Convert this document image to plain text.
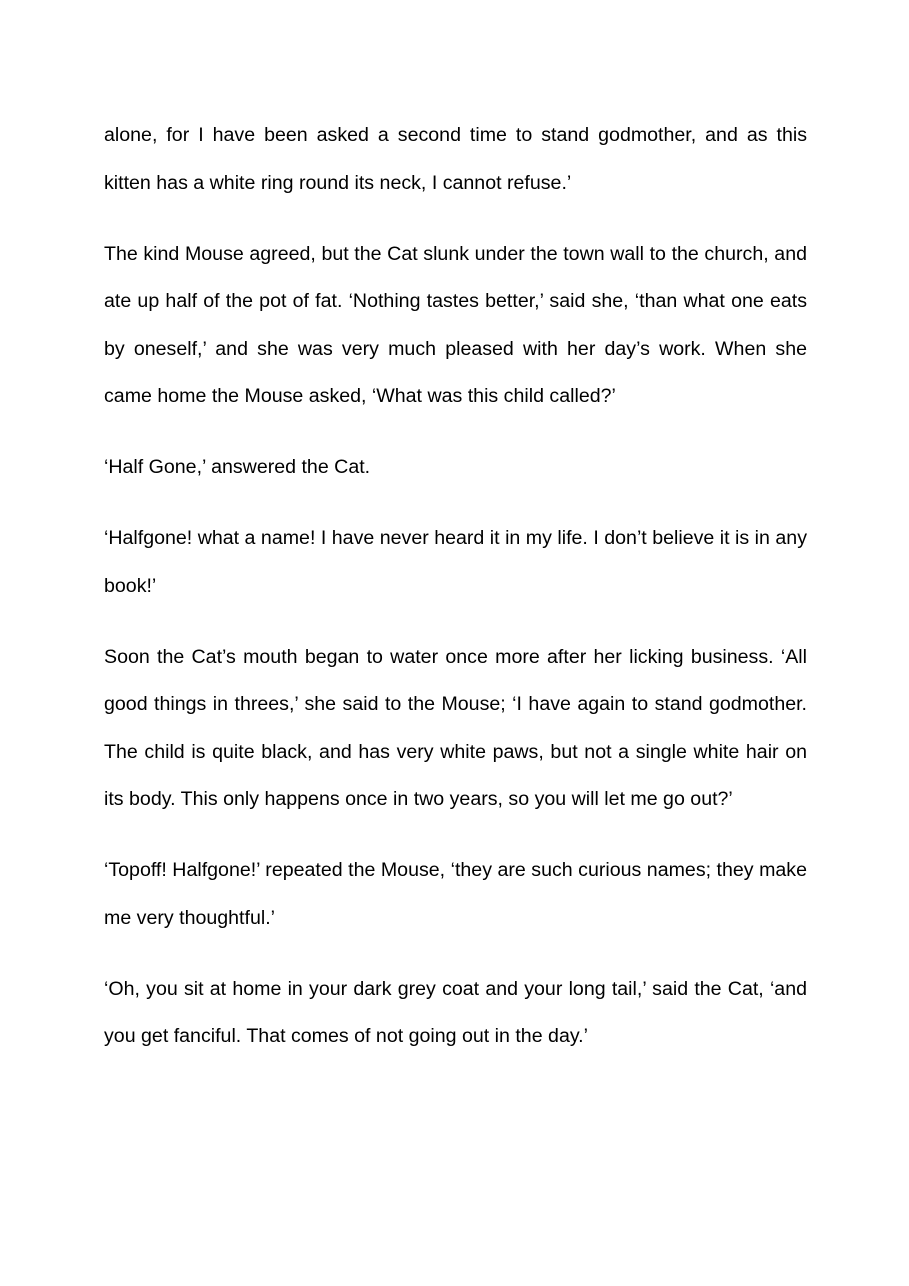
alone, for I have been asked a second time to stand godmother, and as this kitten has a white ring round its neck, I cannot refuse.’

The kind Mouse agreed, but the Cat slunk under the town wall to the church, and ate up half of the pot of fat. ‘Nothing tastes better,’ said she, ‘than what one eats by oneself,’ and she was very much pleased with her day’s work. When she came home the Mouse asked, ‘What was this child called?’

‘Half Gone,’ answered the Cat.

‘Halfgone! what a name! I have never heard it in my life. I don’t believe it is in any book!’

Soon the Cat’s mouth began to water once more after her licking business. ‘All good things in threes,’ she said to the Mouse; ‘I have again to stand godmother. The child is quite black, and has very white paws, but not a single white hair on its body. This only happens once in two years, so you will let me go out?’

‘Topoff! Halfgone!’ repeated the Mouse, ‘they are such curious names; they make me very thoughtful.’

‘Oh, you sit at home in your dark grey coat and your long tail,’ said the Cat, ‘and you get fanciful. That comes of not going out in the day.’
